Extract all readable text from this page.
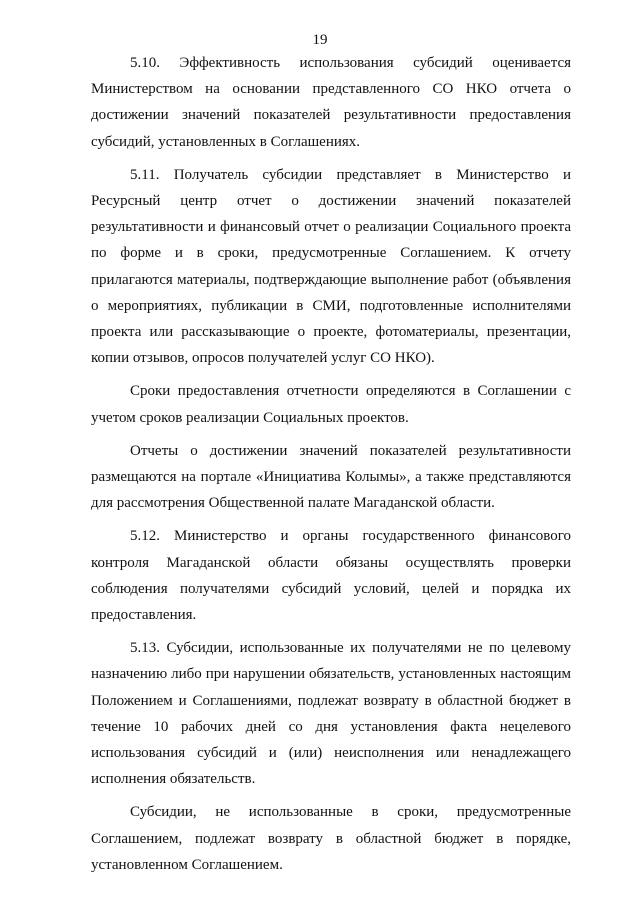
19

5.10. Эффективность использования субсидий оценивается Министерством на основании представленного СО НКО отчета о достижении значений показателей результативности предоставления субсидий, установленных в Соглашениях.

5.11. Получатель субсидии представляет в Министерство и Ресурсный центр отчет о достижении значений показателей результативности и финансовый отчет о реализации Социального проекта по форме и в сроки, предусмотренные Соглашением. К отчету прилагаются материалы, подтверждающие выполнение работ (объявления о мероприятиях, публикации в СМИ, подготовленные исполнителями проекта или рассказывающие о проекте, фотоматериалы, презентации, копии отзывов, опросов получателей услуг СО НКО).

Сроки предоставления отчетности определяются в Соглашении с учетом сроков реализации Социальных проектов.

Отчеты о достижении значений показателей результативности размещаются на портале «Инициатива Колымы», а также представляются для рассмотрения Общественной палате Магаданской области.

5.12. Министерство и органы государственного финансового контроля Магаданской области обязаны осуществлять проверки соблюдения получателями субсидий условий, целей и порядка их предоставления.

5.13. Субсидии, использованные их получателями не по целевому назначению либо при нарушении обязательств, установленных настоящим Положением и Соглашениями, подлежат возврату в областной бюджет в течение 10 рабочих дней со дня установления факта нецелевого использования субсидий и (или) неисполнения или ненадлежащего исполнения обязательств.

Субсидии, не использованные в сроки, предусмотренные Соглашением, подлежат возврату в областной бюджет в порядке, установленном Соглашением.
